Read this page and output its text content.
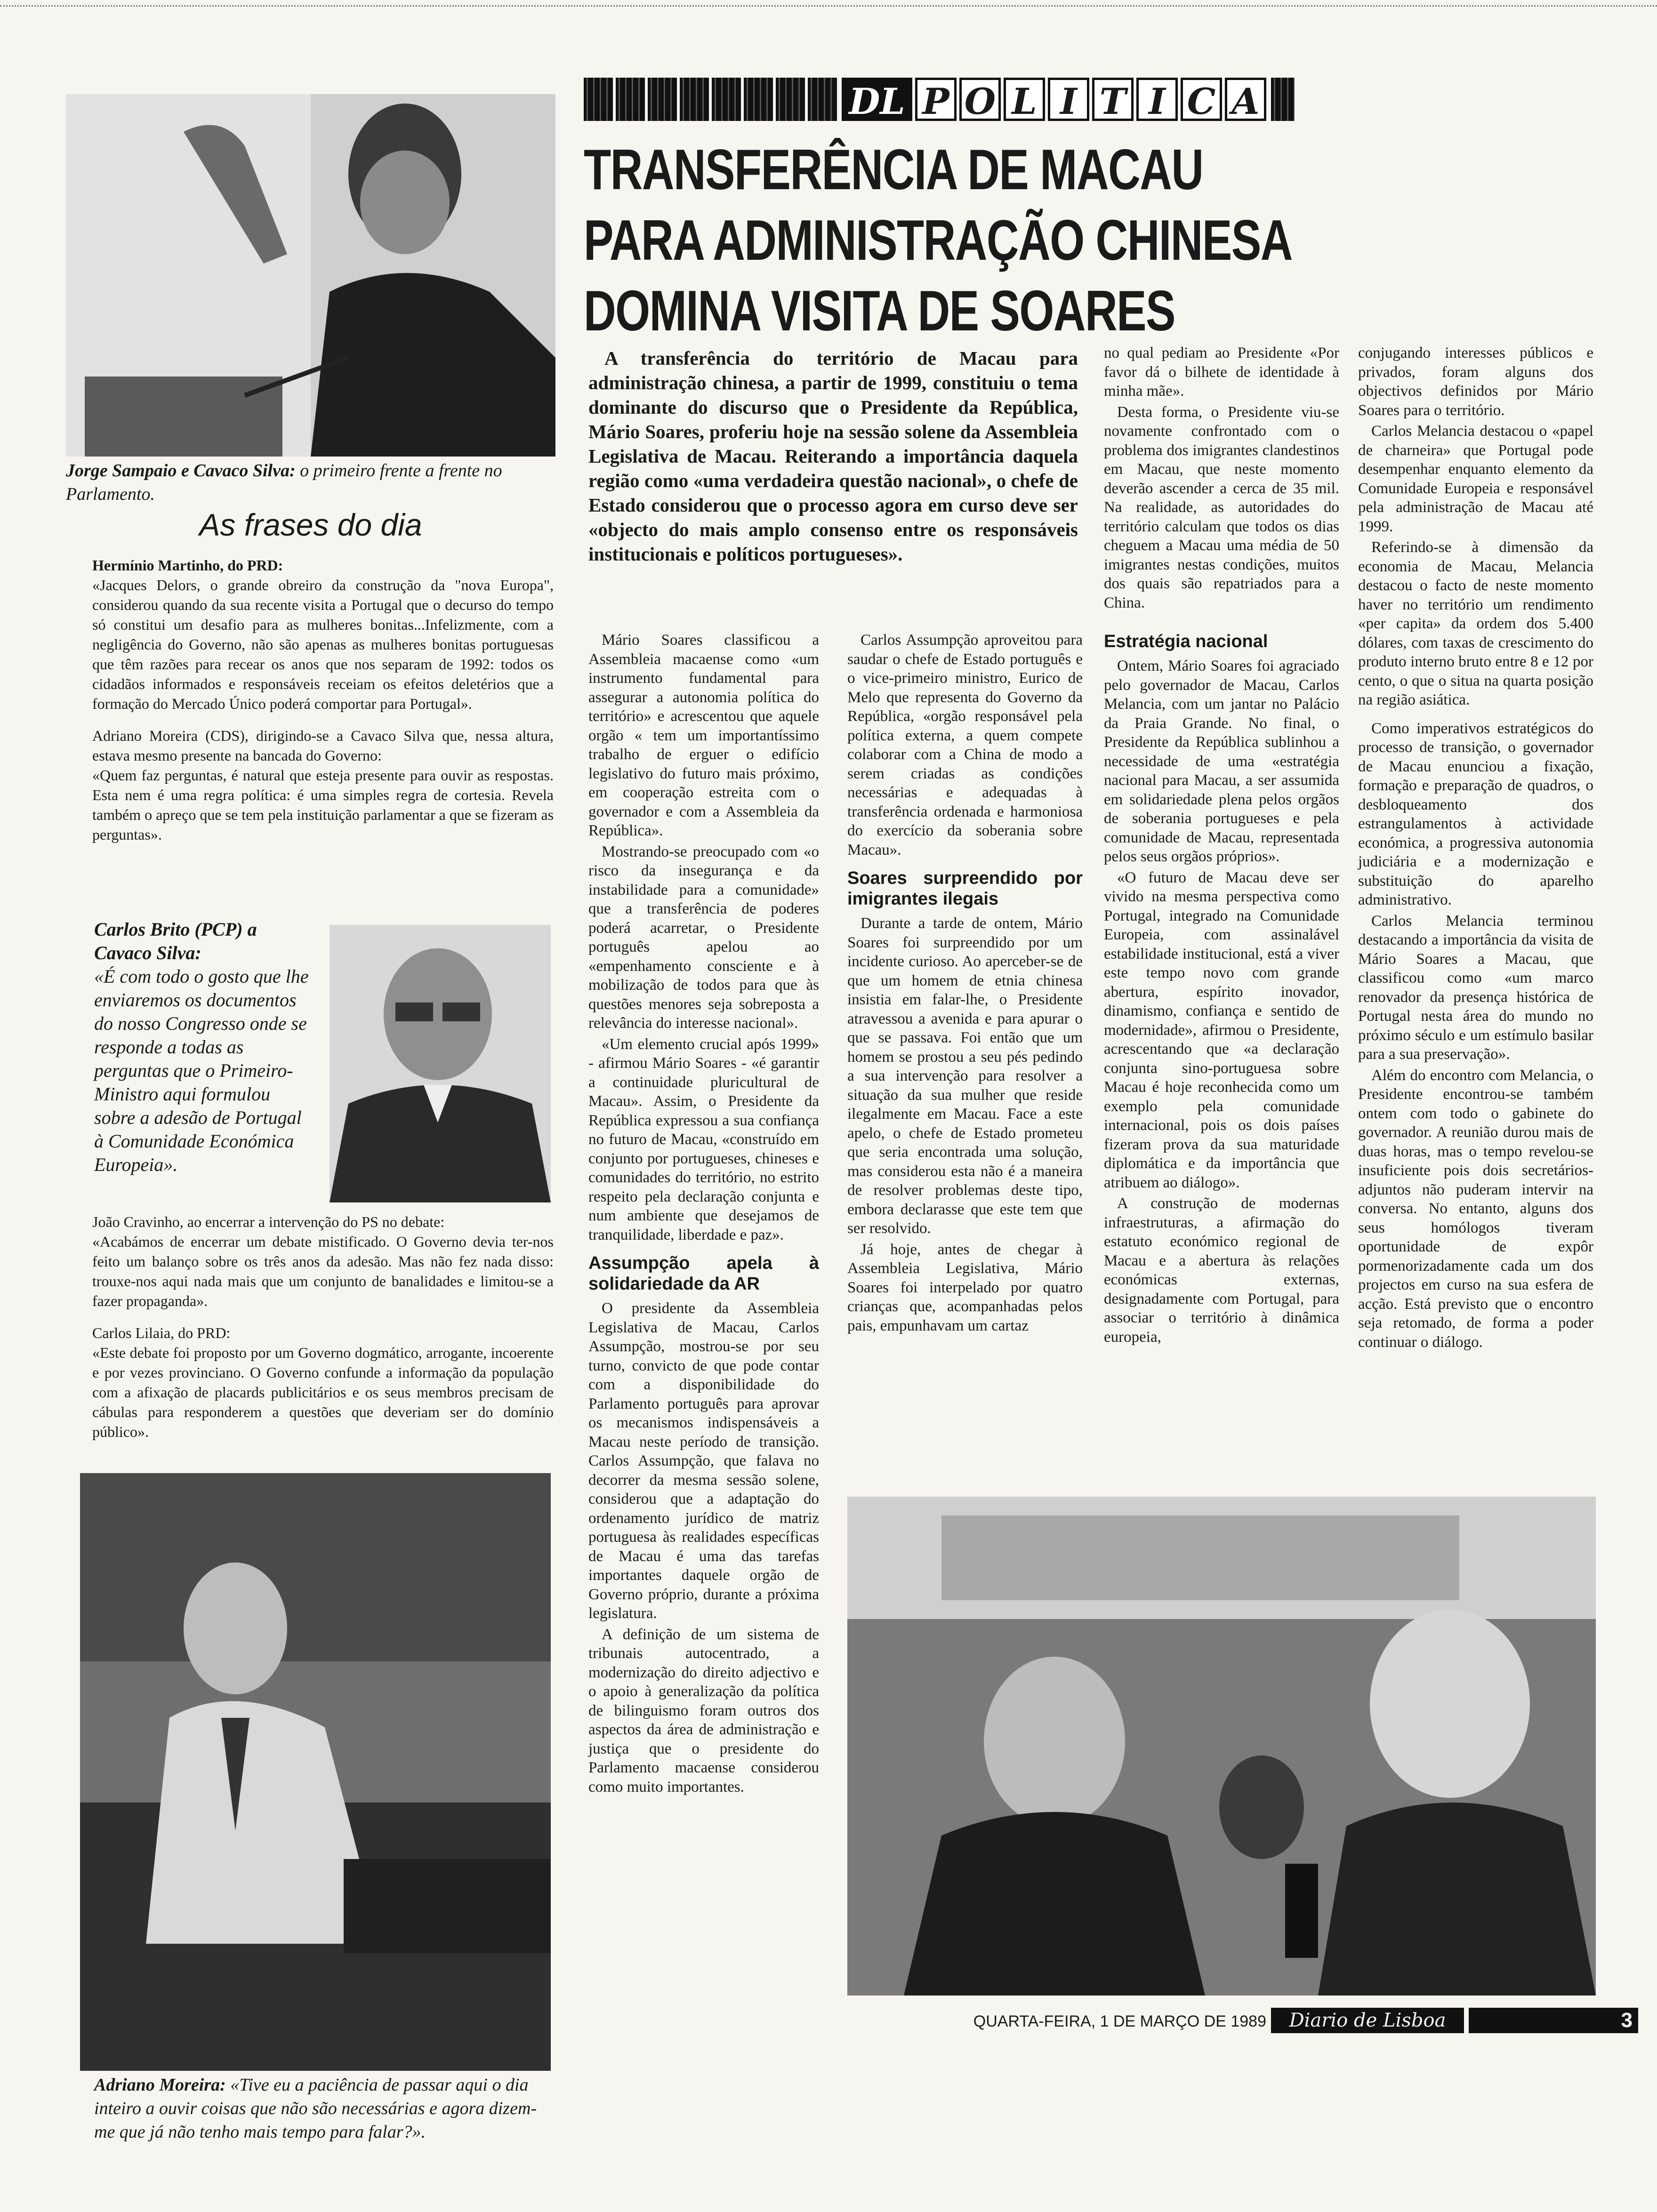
Jorge Sampaio e Cavaco Silva: o primeiro frente a frente no Parlamento.
As frases do dia

Hermínio Martinho, do PRD:

«Jacques Delors, o grande obreiro da construção da "nova Europa", considerou quando da sua recente visita a Portugal que o decurso do tempo só constitui um desafio para as mulheres bonitas...Infelizmente, com a negligência do Governo, não são apenas as mulheres bonitas portuguesas que têm razões para recear os anos que nos separam de 1992: todos os cidadãos informados e responsáveis receiam os efeitos deletérios que a formação do Mercado Único poderá comportar para Portugal».

Adriano Moreira (CDS), dirigindo-se a Cavaco Silva que, nessa altura, estava mesmo presente na bancada do Governo:

«Quem faz perguntas, é natural que esteja presente para ouvir as respostas. Esta nem é uma regra política: é uma simples regra de cortesia. Revela também o apreço que se tem pela instituição parlamentar a que se fizeram as perguntas».

Carlos Brito (PCP) a Cavaco Silva:
«É com todo o gosto que lhe enviaremos os documentos do nosso Congresso onde se responde a todas as perguntas que o Primeiro-Ministro aqui formulou sobre a adesão de Portugal à Comunidade Económica Europeia».

João Cravinho, ao encerrar a intervenção do PS no debate:

«Acabámos de encerrar um debate mistificado. O Governo devia ter-nos feito um balanço sobre os três anos da adesão. Mas não fez nada disso: trouxe-nos aqui nada mais que um conjunto de banalidades e limitou-se a fazer propaganda».

Carlos Lilaia, do PRD:

«Este debate foi proposto por um Governo dogmático, arrogante, incoerente e por vezes provinciano. O Governo confunde a informação da população com a afixação de placards publicitários e os seus membros precisam de cábulas para responderem a questões que deveriam ser do domínio público».

Adriano Moreira: «Tive eu a paciência de passar aqui o dia inteiro a ouvir coisas que não são necessárias e agora dizem-me que já não tenho mais tempo para falar?».
DL P O L I T I C A
TRANSFERÊNCIA DE MACAU
PARA ADMINISTRAÇÃO CHINESA
DOMINA VISITA DE SOARES
A transferência do território de Macau para administração chinesa, a partir de 1999, constituiu o tema dominante do discurso que o Presidente da República, Mário Soares, proferiu hoje na sessão solene da Assembleia Legislativa de Macau. Reiterando a importância daquela região como «uma verdadeira questão nacional», o chefe de Estado considerou que o processo agora em curso deve ser «objecto do mais amplo consenso entre os responsáveis institucionais e políticos portugueses».

Mário Soares classificou a Assembleia macaense como «um instrumento fundamental para assegurar a autonomia política do território» e acrescentou que aquele orgão « tem um importantíssimo trabalho de erguer o edifício legislativo do futuro mais próximo, em cooperação estreita com o governador e com a Assembleia da República».

Mostrando-se preocupado com «o risco da insegurança e da instabilidade para a comunidade» que a transferência de poderes poderá acarretar, o Presidente português apelou ao «empenhamento consciente e à mobilização de todos para que às questões menores seja sobreposta a relevância do interesse nacional».

«Um elemento crucial após 1999» - afirmou Mário Soares - «é garantir a continuidade pluricultural de Macau». Assim, o Presidente da República expressou a sua confiança no futuro de Macau, «construído em conjunto por portugueses, chineses e comunidades do território, no estrito respeito pela declaração conjunta e num ambiente que desejamos de tranquilidade, liberdade e paz».

Assumpção apela à solidariedade da AR

O presidente da Assembleia Legislativa de Macau, Carlos Assumpção, mostrou-se por seu turno, convicto de que pode contar com a disponibilidade do Parlamento português para aprovar os mecanismos indispensáveis a Macau neste período de transição. Carlos Assumpção, que falava no decorrer da mesma sessão solene, considerou que a adaptação do ordenamento jurídico de matriz portuguesa às realidades específicas de Macau é uma das tarefas importantes daquele orgão de Governo próprio, durante a próxima legislatura.

A definição de um sistema de tribunais autocentrado, a modernização do direito adjectivo e o apoio à generalização da política de bilinguismo foram outros dos aspectos da área de administração e justiça que o presidente do Parlamento macaense considerou como muito importantes.

Carlos Assumpção aproveitou para saudar o chefe de Estado português e o vice-primeiro ministro, Eurico de Melo que representa do Governo da República, «orgão responsável pela política externa, a quem compete colaborar com a China de modo a serem criadas as condições necessárias e adequadas à transferência ordenada e harmoniosa do exercício da soberania sobre Macau».

Soares surpreendido por imigrantes ilegais

Durante a tarde de ontem, Mário Soares foi surpreendido por um incidente curioso. Ao aperceber-se de que um homem de etnia chinesa insistia em falar-lhe, o Presidente atravessou a avenida e para apurar o que se passava. Foi então que um homem se prostou a seu pés pedindo a sua intervenção para resolver a situação da sua mulher que reside ilegalmente em Macau. Face a este apelo, o chefe de Estado prometeu que seria encontrada uma solução, mas considerou esta não é a maneira de resolver problemas deste tipo, embora declarasse que este tem que ser resolvido.

Já hoje, antes de chegar à Assembleia Legislativa, Mário Soares foi interpelado por quatro crianças que, acompanhadas pelos pais, empunhavam um cartaz

no qual pediam ao Presidente «Por favor dá o bilhete de identidade à minha mãe».

Desta forma, o Presidente viu-se novamente confrontado com o problema dos imigrantes clandestinos em Macau, que neste momento deverão ascender a cerca de 35 mil. Na realidade, as autoridades do território calculam que todos os dias cheguem a Macau uma média de 50 imigrantes nestas condições, muitos dos quais são repatriados para a China.

Estratégia nacional

Ontem, Mário Soares foi agraciado pelo governador de Macau, Carlos Melancia, com um jantar no Palácio da Praia Grande. No final, o Presidente da República sublinhou a necessidade de uma «estratégia nacional para Macau, a ser assumida em solidariedade plena pelos orgãos de soberania portugueses e pela comunidade de Macau, representada pelos seus orgãos próprios».

«O futuro de Macau deve ser vivido na mesma perspectiva como Portugal, integrado na Comunidade Europeia, com assinalável estabilidade institucional, está a viver este tempo novo com grande abertura, espírito inovador, dinamismo, confiança e sentido de modernidade», afirmou o Presidente, acrescentando que «a declaração conjunta sino-portuguesa sobre Macau é hoje reconhecida como um exemplo pela comunidade internacional, pois os dois países fizeram prova da sua maturidade diplomática e da importância que atribuem ao diálogo».

A construção de modernas infraestruturas, a afirmação do estatuto económico regional de Macau e a abertura às relações económicas externas, designadamente com Portugal, para associar o território à dinâmica europeia,

conjugando interesses públicos e privados, foram alguns dos objectivos definidos por Mário Soares para o território.

Carlos Melancia destacou o «papel de charneira» que Portugal pode desempenhar enquanto elemento da Comunidade Europeia e responsável pela administração de Macau até 1999.

Referindo-se à dimensão da economia de Macau, Melancia destacou o facto de neste momento haver no território um rendimento «per capita» da ordem dos 5.400 dólares, com taxas de crescimento do produto interno bruto entre 8 e 12 por cento, o que o situa na quarta posição na região asiática.

Como imperativos estratégicos do processo de transição, o governador de Macau enunciou a fixação, formação e preparação de quadros, o desbloqueamento dos estrangulamentos à actividade económica, a progressiva autonomia judiciária e a modernização e substituição do aparelho administrativo.

Carlos Melancia terminou destacando a importância da visita de Mário Soares a Macau, que classificou como «um marco renovador da presença histórica de Portugal nesta área do mundo no próximo século e um estímulo basilar para a sua preservação».

Além do encontro com Melancia, o Presidente encontrou-se também ontem com todo o gabinete do governador. A reunião durou mais de duas horas, mas o tempo revelou-se insuficiente pois dois secretários-adjuntos não puderam intervir na conversa. No entanto, alguns dos seus homólogos tiveram oportunidade de expôr pormenorizadamente cada um dos projectos em curso na sua esfera de acção. Está previsto que o encontro seja retomado, de forma a poder continuar o diálogo.

QUARTA-FEIRA, 1 DE MARÇO DE 1989	Diario de Lisboa	3
